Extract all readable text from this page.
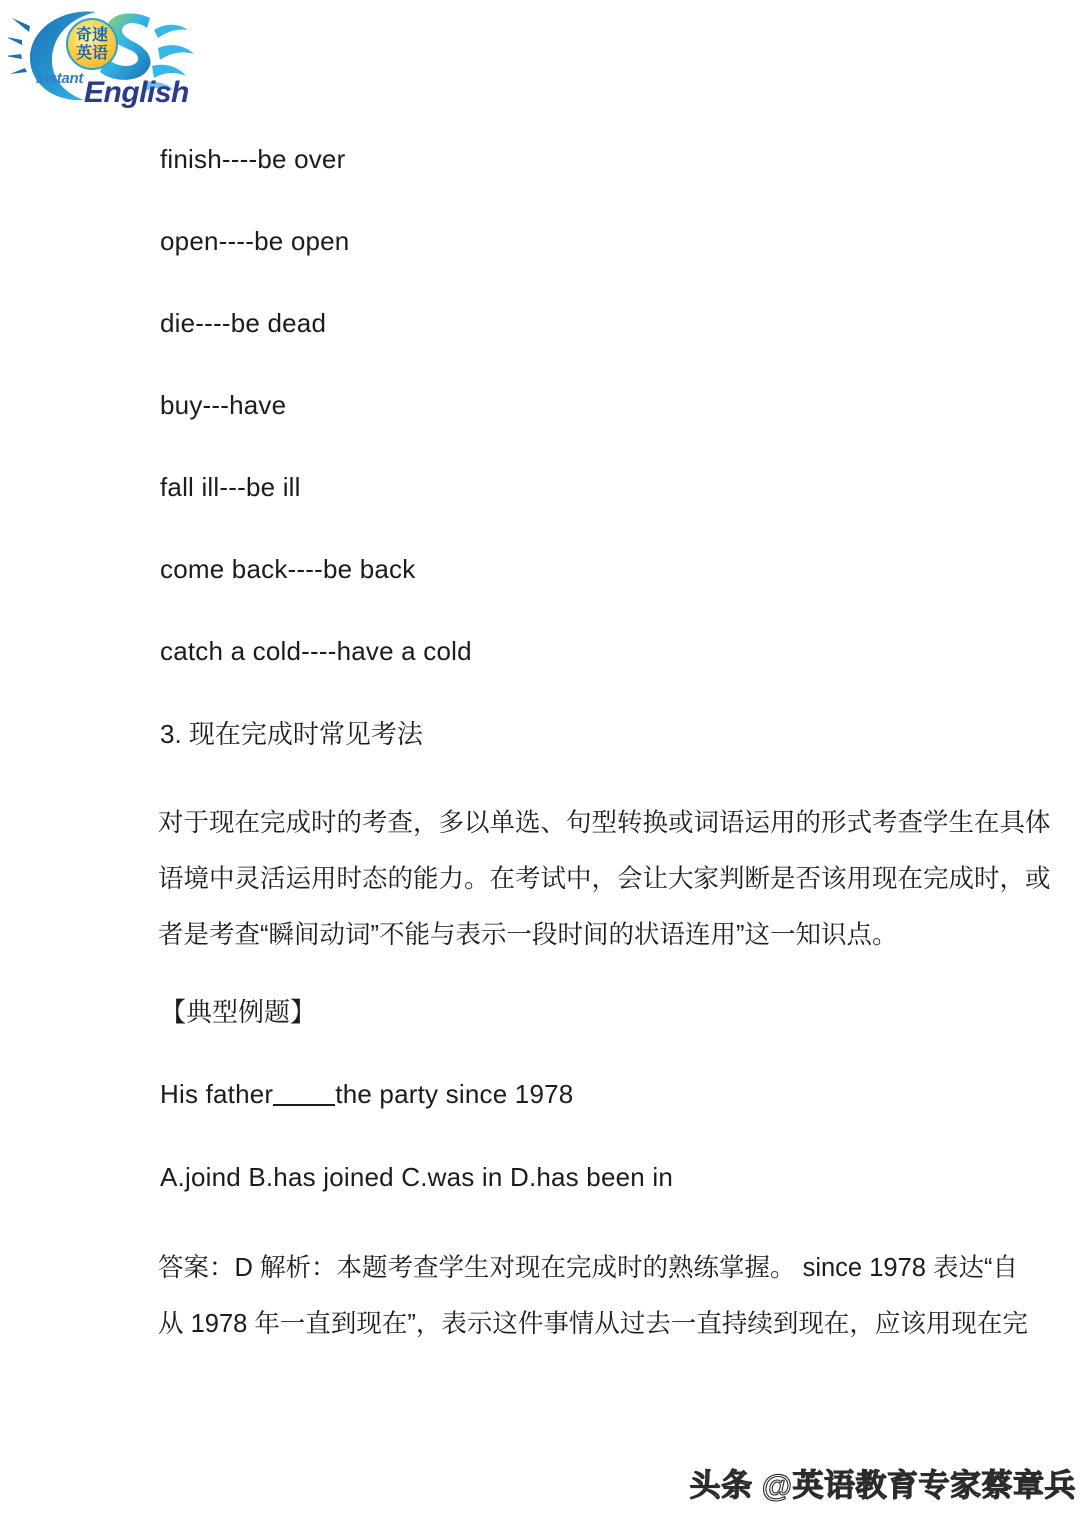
奇速
英语
Instant English
finish----be over
open----be open
die----be dead
buy---have
fall ill---be ill
come back----be back
catch a cold----have a cold
3. 现在完成时常见考法
对于现在完成时的考查，多以单选、句型转换或词语运用的形式考查学生在具体
语境中灵活运用时态的能力。在考试中，会让大家判断是否该用现在完成时，或
者是考查“瞬间动词”不能与表示一段时间的状语连用”这一知识点。
【典型例题】
His father the party since 1978
A.joind B.has joined C.was in D.has been in
答案：D 解析：本题考查学生对现在完成时的熟练掌握。 since 1978 表达“自
从 1978 年一直到现在”，表示这件事情从过去一直持续到现在，应该用现在完
头条 @英语教育专家蔡章兵
